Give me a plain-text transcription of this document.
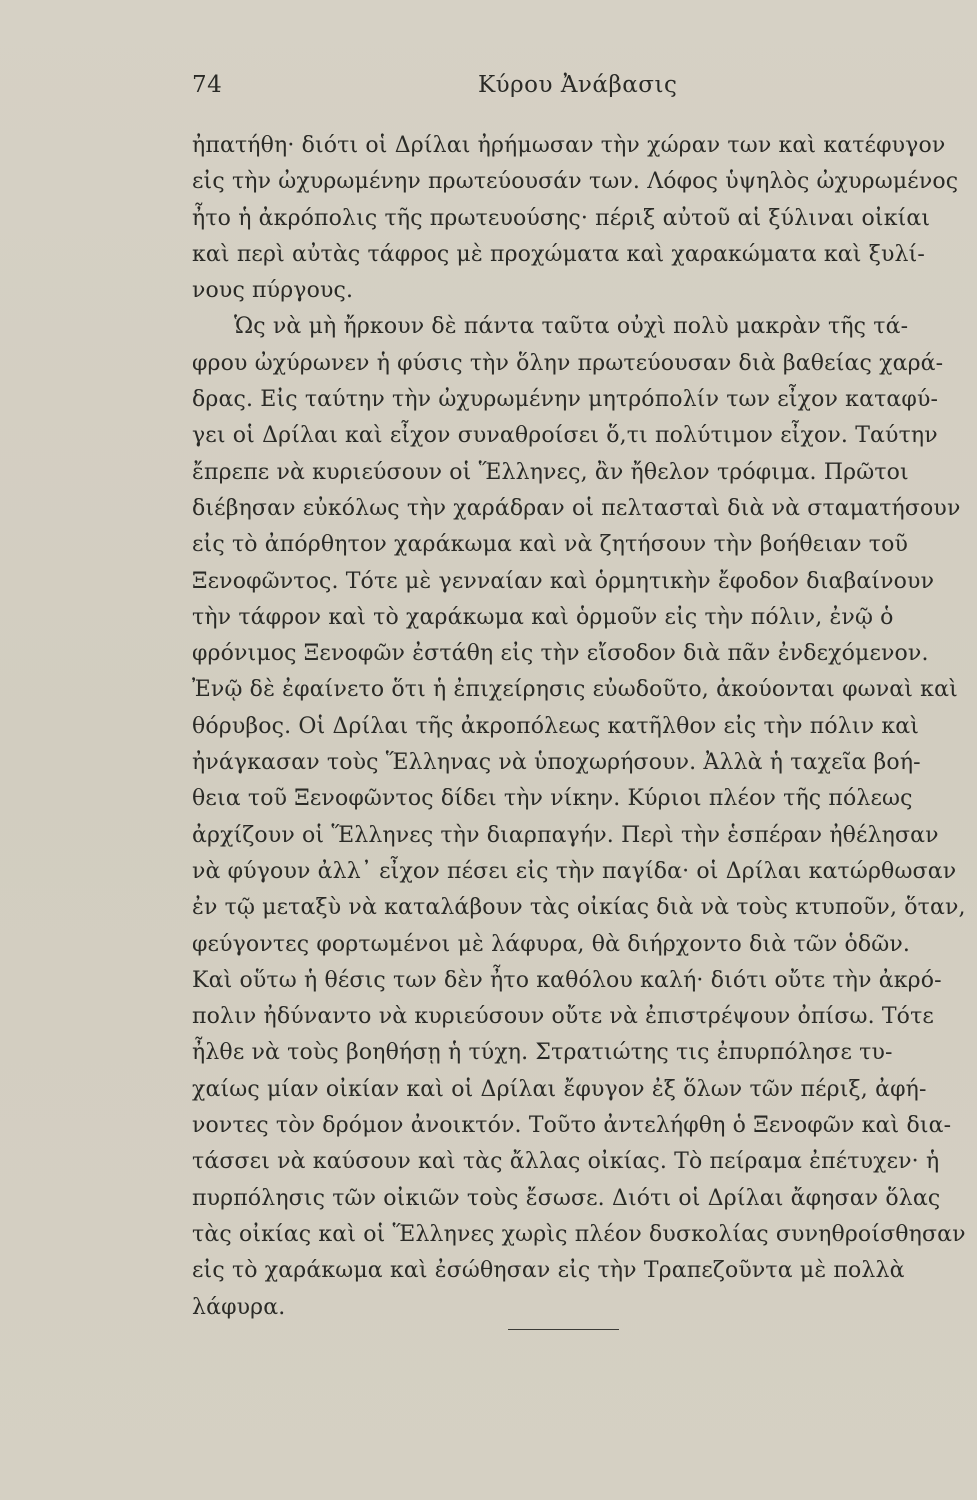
74	Κύρου Ἀνάβασις
ἠπατήθη· διότι οἱ Δρίλαι ἠρήμωσαν τὴν χώραν των καὶ κατέφυγον
εἰς τὴν ὠχυρωμένην πρωτεύουσάν των. Λόφος ὑψηλὸς ὠχυρωμένος
ἦτο ἡ ἀκρόπολις τῆς πρωτευούσης· πέριξ αὐτοῦ αἱ ξύλιναι οἰκίαι
καὶ περὶ αὐτὰς τάφρος μὲ προχώματα καὶ χαρακώματα καὶ ξυλί-
νους πύργους.
Ὡς νὰ μὴ ἤρκουν δὲ πάντα ταῦτα οὐχὶ πολὺ μακρὰν τῆς τά-
φρου ὠχύρωνεν ἡ φύσις τὴν ὅλην πρωτεύουσαν διὰ βαθείας χαρά-
δρας. Εἰς ταύτην τὴν ὠχυρωμένην μητρόπολίν των εἶχον καταφύ-
γει οἱ Δρίλαι καὶ εἶχον συναθροίσει ὅ,τι πολύτιμον εἶχον. Ταύτην
ἔπρεπε νὰ κυριεύσουν οἱ Ἕλληνες, ἂν ἤθελον τρόφιμα. Πρῶτοι
διέβησαν εὐκόλως τὴν χαράδραν οἱ πελτασταὶ διὰ νὰ σταματήσουν
εἰς τὸ ἀπόρθητον χαράκωμα καὶ νὰ ζητήσουν τὴν βοήθειαν τοῦ
Ξενοφῶντος. Τότε μὲ γενναίαν καὶ ὁρμητικὴν ἔφοδον διαβαίνουν
τὴν τάφρον καὶ τὸ χαράκωμα καὶ ὁρμοῦν εἰς τὴν πόλιν, ἐνῷ ὁ
φρόνιμος Ξενοφῶν ἐστάθη εἰς τὴν εἴσοδον διὰ πᾶν ἐνδεχόμενον.
Ἐνῷ δὲ ἐφαίνετο ὅτι ἡ ἐπιχείρησις εὐωδοῦτο, ἀκούονται φωναὶ καὶ
θόρυβος. Οἱ Δρίλαι τῆς ἀκροπόλεως κατῆλθον εἰς τὴν πόλιν καὶ
ἠνάγκασαν τοὺς Ἕλληνας νὰ ὑποχωρήσουν. Ἀλλὰ ἡ ταχεῖα βοή-
θεια τοῦ Ξενοφῶντος δίδει τὴν νίκην. Κύριοι πλέον τῆς πόλεως
ἀρχίζουν οἱ Ἕλληνες τὴν διαρπαγήν. Περὶ τὴν ἑσπέραν ἠθέλησαν
νὰ φύγουν ἀλλ᾽ εἶχον πέσει εἰς τὴν παγίδα· οἱ Δρίλαι κατώρθωσαν
ἐν τῷ μεταξὺ νὰ καταλάβουν τὰς οἰκίας διὰ νὰ τοὺς κτυποῦν, ὅταν,
φεύγοντες φορτωμένοι μὲ λάφυρα, θὰ διήρχοντο διὰ τῶν ὁδῶν.
Καὶ οὕτω ἡ θέσις των δὲν ἦτο καθόλου καλή· διότι οὔτε τὴν ἀκρό-
πολιν ἠδύναντο νὰ κυριεύσουν οὔτε νὰ ἐπιστρέψουν ὀπίσω. Τότε
ἦλθε νὰ τοὺς βοηθήσῃ ἡ τύχη. Στρατιώτης τις ἐπυρπόλησε τυ-
χαίως μίαν οἰκίαν καὶ οἱ Δρίλαι ἔφυγον ἐξ ὅλων τῶν πέριξ, ἀφή-
νοντες τὸν δρόμον ἀνοικτόν. Τοῦτο ἀντελήφθη ὁ Ξενοφῶν καὶ δια-
τάσσει νὰ καύσουν καὶ τὰς ἄλλας οἰκίας. Τὸ πείραμα ἐπέτυχεν· ἡ
πυρπόλησις τῶν οἰκιῶν τοὺς ἔσωσε. Διότι οἱ Δρίλαι ἄφησαν ὅλας
τὰς οἰκίας καὶ οἱ Ἕλληνες χωρὶς πλέον δυσκολίας συνηθροίσθησαν
εἰς τὸ χαράκωμα καὶ ἐσώθησαν εἰς τὴν Τραπεζοῦντα μὲ πολλὰ
λάφυρα.
